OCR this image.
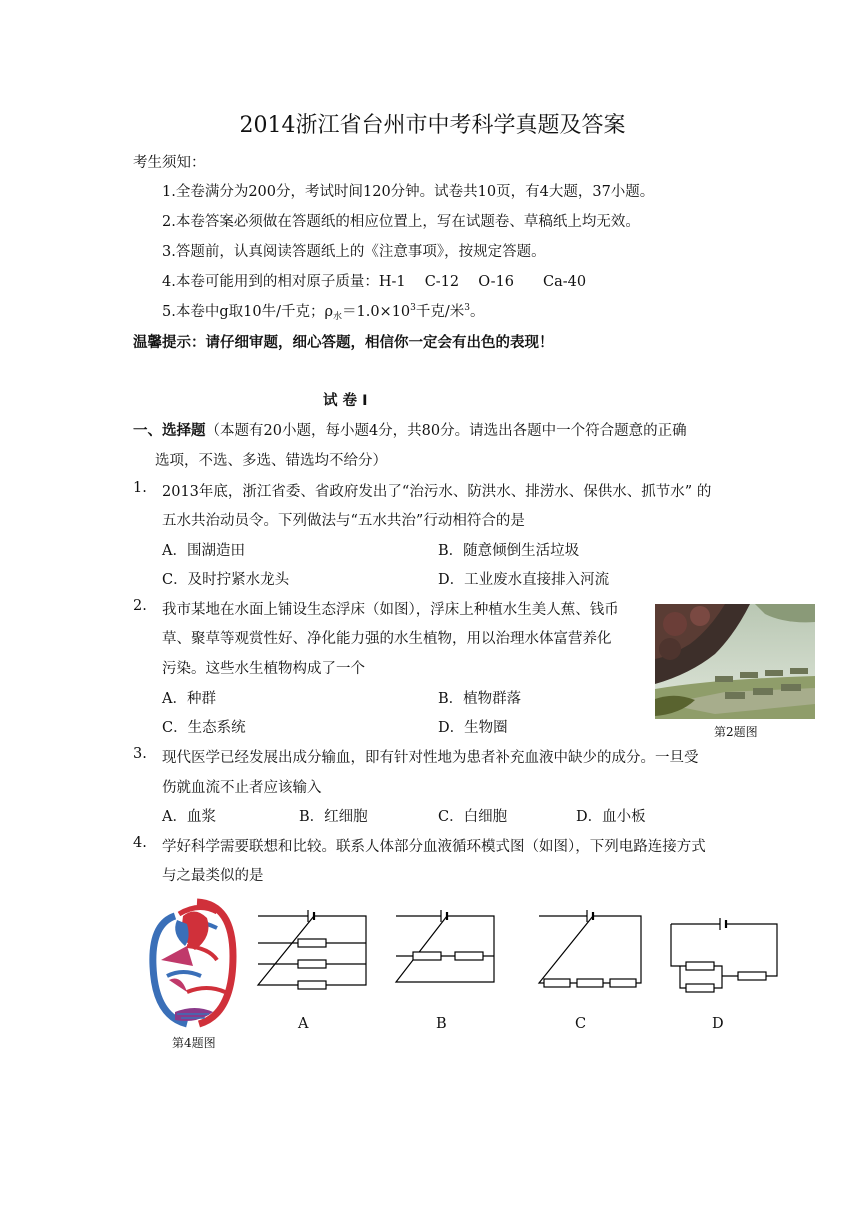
2014浙江省台州市中考科学真题及答案
考生须知：
1.全卷满分为200分，考试时间120分钟。试卷共10页，有4大题，37小题。
2.本卷答案必须做在答题纸的相应位置上，写在试题卷、草稿纸上均无效。
3.答题前，认真阅读答题纸上的《注意事项》，按规定答题。
4.本卷可能用到的相对原子质量：H-1　 C-12　 O-16　　Ca-40
5.本卷中g取10牛/千克；$\rho_水=1.0\times 10^3$千克/米$^3$。
温馨提示：请仔细审题，细心答题，相信你一定会有出色的表现！
试 卷 Ⅰ
一、选择题（本题有20小题，每小题4分，共80分。请选出各题中一个符合题意的正确
选项，不选、多选、错选均不给分）
1. 2013年底，浙江省委、省政府发出了“治污水、防洪水、排涝水、保供水、抓节水” 的
五水共治动员令。下列做法与“五水共治”行动相符合的是
A．围湖造田	B．随意倾倒生活垃圾
C．及时拧紧水龙头	D．工业废水直接排入河流
2. 我市某地在水面上铺设生态浮床（如图），浮床上种植水生美人蕉、钱币
草、聚草等观赏性好、净化能力强的水生植物，用以治理水体富营养化
污染。这些水生植物构成了一个
A．种群	B．植物群落
C．生态系统	D．生物圈	第2题图
3. 现代医学已经发展出成分输血，即有针对性地为患者补充血液中缺少的成分。一旦受
伤就血流不止者应该输入
A．血浆	B．红细胞	C．白细胞	D．血小板
4. 学好科学需要联想和比较。联系人体部分血液循环模式图（如图），下列电路连接方式
与之最类似的是
第4题图
A	B	C	D
